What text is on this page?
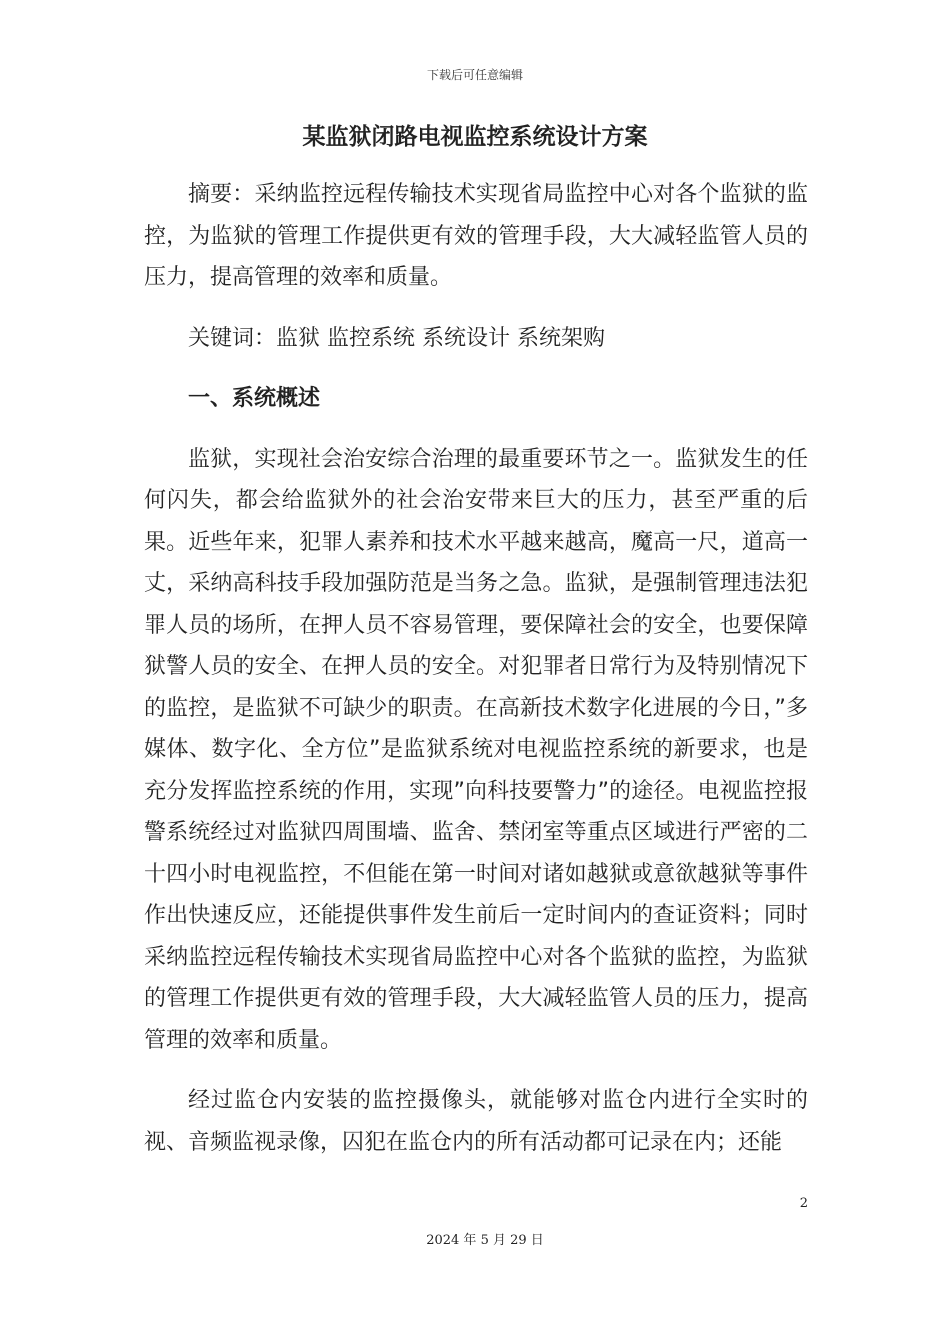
下载后可任意编辑
某监狱闭路电视监控系统设计方案

摘要：采纳监控远程传输技术实现省局监控中心对各个监狱的监控，为监狱的管理工作提供更有效的管理手段，大大减轻监管人员的压力，提高管理的效率和质量。

关键词：监狱 监控系统 系统设计 系统架购

一、系统概述

监狱，实现社会治安综合治理的最重要环节之一。监狱发生的任何闪失，都会给监狱外的社会治安带来巨大的压力，甚至严重的后果。近些年来，犯罪人素养和技术水平越来越高，魔高一尺，道高一丈，采纳高科技手段加强防范是当务之急。监狱，是强制管理违法犯罪人员的场所，在押人员不容易管理，要保障社会的安全，也要保障狱警人员的安全、在押人员的安全。对犯罪者日常行为及特别情况下的监控，是监狱不可缺少的职责。在高新技术数字化进展的今日，”多媒体、数字化、全方位”是监狱系统对电视监控系统的新要求，也是充分发挥监控系统的作用，实现”向科技要警力”的途径。电视监控报警系统经过对监狱四周围墙、监舍、禁闭室等重点区域进行严密的二十四小时电视监控，不但能在第一时间对诸如越狱或意欲越狱等事件作出快速反应，还能提供事件发生前后一定时间内的查证资料；同时采纳监控远程传输技术实现省局监控中心对各个监狱的监控，为监狱的管理工作提供更有效的管理手段，大大减轻监管人员的压力，提高管理的效率和质量。

经过监仓内安装的监控摄像头，就能够对监仓内进行全实时的视、音频监视录像，囚犯在监仓内的所有活动都可记录在内；还能

2
2024 年 5 月 29 日
